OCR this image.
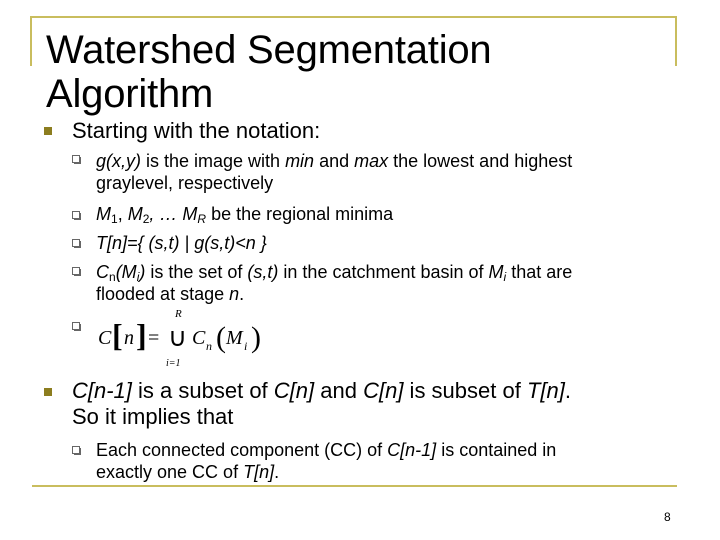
Watershed Segmentation
Algorithm
Starting with the notation:
g(x,y) is the image with min and max the lowest and highest
graylevel, respectively
$M_1$, $M_2$, … $M_R$ be the regional minima
T[n]={ (s,t) | g(s,t)<n }
$C_n(M_i)$ is the set of (s,t) in the catchment basin of $M_i$ that are
flooded at stage n.
C [ n ] = ∪
R
i=1
C n ( M i )
C[n-1] is a subset of C[n] and C[n] is subset of T[n].
So it implies that
Each connected component (CC) of C[n-1] is contained in
exactly one CC of T[n].
8
